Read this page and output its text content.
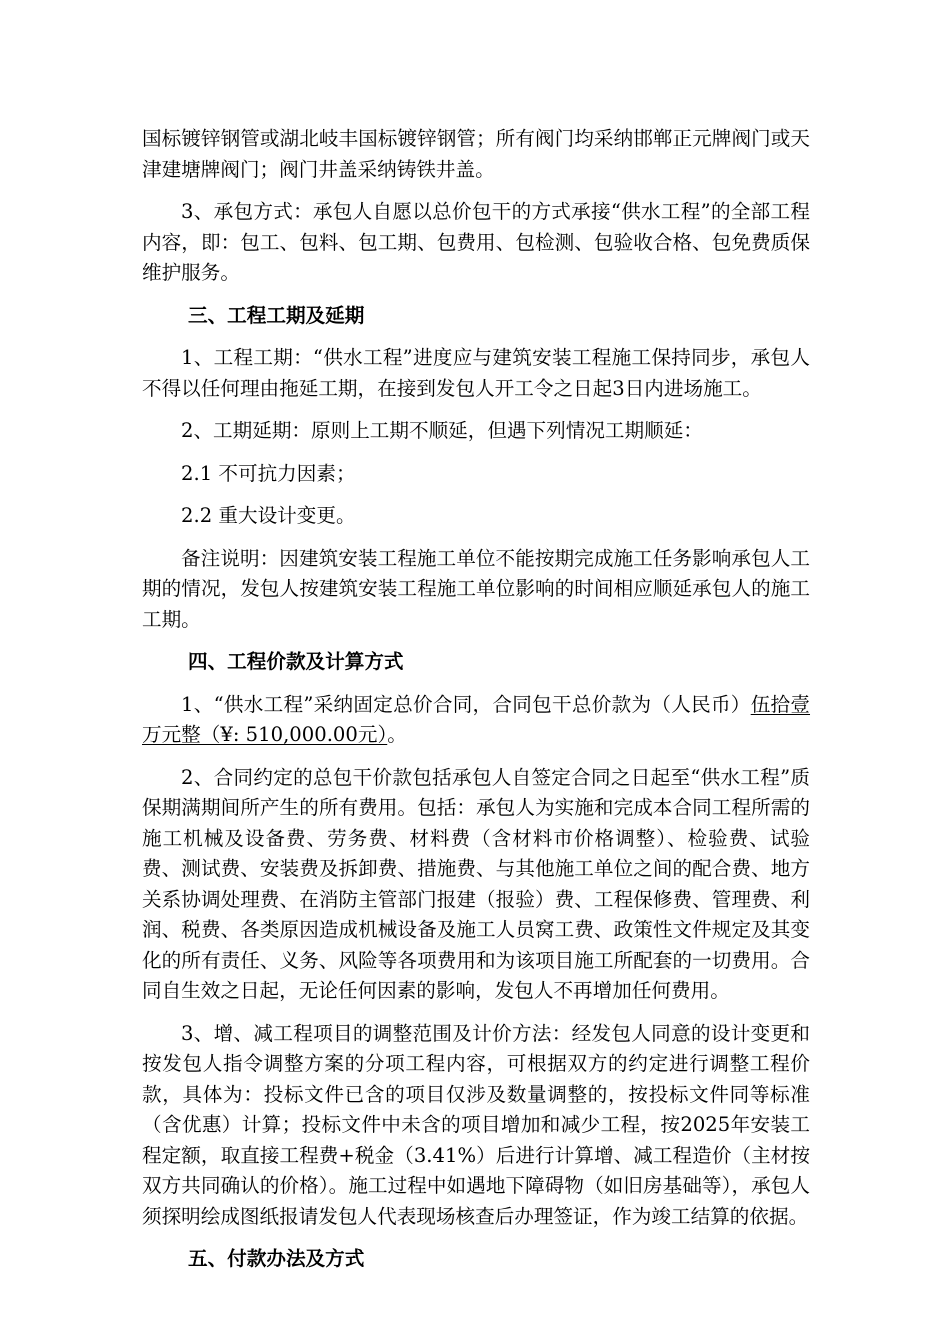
国标镀锌钢管或湖北岐丰国标镀锌钢管；所有阀门均采纳邯郸正元牌阀门或天津建塘牌阀门；阀门井盖采纳铸铁井盖。

3、承包方式：承包人自愿以总价包干的方式承接“供水工程”的全部工程内容，即：包工、包料、包工期、包费用、包检测、包验收合格、包免费质保维护服务。

三、工程工期及延期

1、工程工期：“供水工程”进度应与建筑安装工程施工保持同步，承包人不得以任何理由拖延工期，在接到发包人开工令之日起3日内进场施工。

2、工期延期：原则上工期不顺延，但遇下列情况工期顺延：

2.1 不可抗力因素；

2.2 重大设计变更。

备注说明：因建筑安装工程施工单位不能按期完成施工任务影响承包人工期的情况，发包人按建筑安装工程施工单位影响的时间相应顺延承包人的施工工期。

四、工程价款及计算方式

1、“供水工程”采纳固定总价合同，合同包干总价款为（人民币）伍拾壹万元整（¥: 510,000.00元）。

2、合同约定的总包干价款包括承包人自签定合同之日起至“供水工程”质保期满期间所产生的所有费用。包括：承包人为实施和完成本合同工程所需的施工机械及设备费、劳务费、材料费（含材料市价格调整）、检验费、试验费、测试费、安装费及拆卸费、措施费、与其他施工单位之间的配合费、地方关系协调处理费、在消防主管部门报建（报验）费、工程保修费、管理费、利润、税费、各类原因造成机械设备及施工人员窝工费、政策性文件规定及其变化的所有责任、义务、风险等各项费用和为该项目施工所配套的一切费用。合同自生效之日起，无论任何因素的影响，发包人不再增加任何费用。

3、增、减工程项目的调整范围及计价方法：经发包人同意的设计变更和按发包人指令调整方案的分项工程内容，可根据双方的约定进行调整工程价款，具体为：投标文件已含的项目仅涉及数量调整的，按投标文件同等标准（含优惠）计算；投标文件中未含的项目增加和减少工程，按2025年安装工程定额，取直接工程费+税金（3.41%）后进行计算增、减工程造价（主材按双方共同确认的价格）。施工过程中如遇地下障碍物（如旧房基础等），承包人须探明绘成图纸报请发包人代表现场核查后办理签证，作为竣工结算的依据。

五、付款办法及方式
